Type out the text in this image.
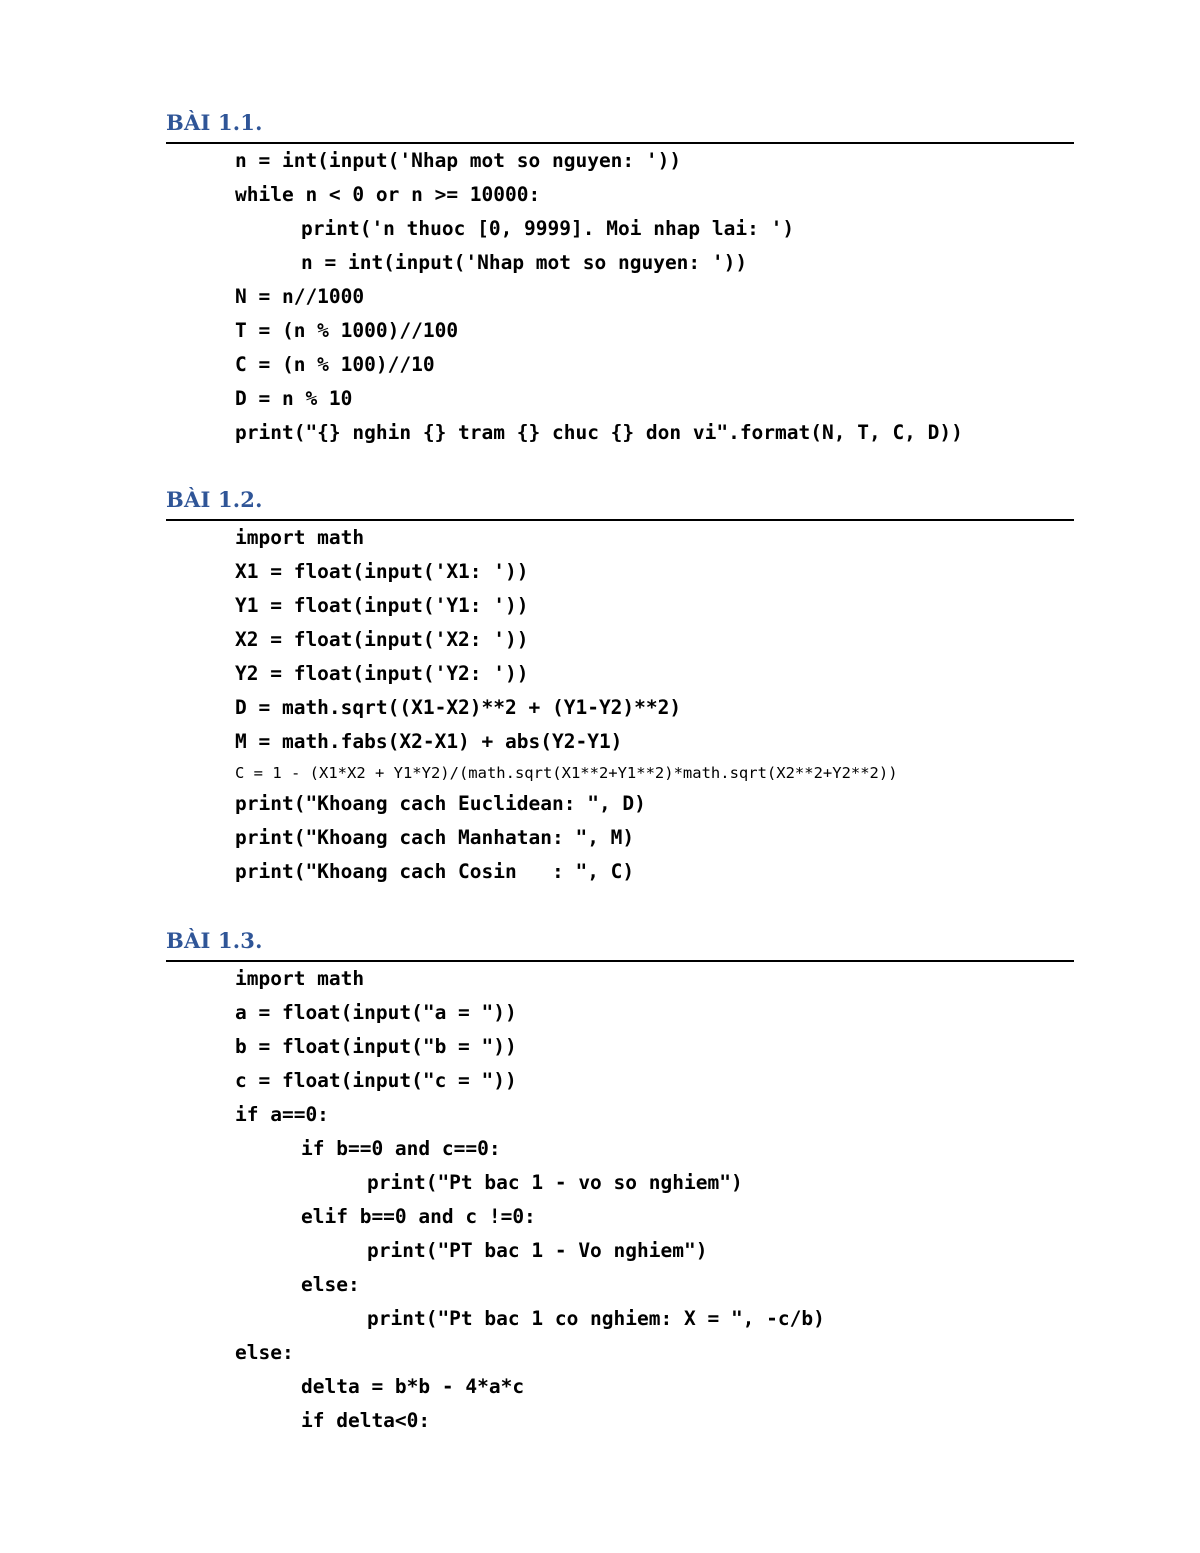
BÀI 1.1.
n = int(input('Nhap mot so nguyen: '))
while n < 0 or n >= 10000:
print('n thuoc [0, 9999]. Moi nhap lai: ')
n = int(input('Nhap mot so nguyen: '))
N = n//1000
T = (n % 1000)//100
C = (n % 100)//10
D = n % 10
print("{} nghin {} tram {} chuc {} don vi".format(N, T, C, D))
BÀI 1.2.
import math
X1 = float(input('X1: '))
Y1 = float(input('Y1: '))
X2 = float(input('X2: '))
Y2 = float(input('Y2: '))
D = math.sqrt((X1-X2)**2 + (Y1-Y2)**2)
M = math.fabs(X2-X1) + abs(Y2-Y1)
C = 1 - (X1*X2 + Y1*Y2)/(math.sqrt(X1**2+Y1**2)*math.sqrt(X2**2+Y2**2))
print("Khoang cach Euclidean: ", D)
print("Khoang cach Manhatan: ", M)
print("Khoang cach Cosin   : ", C)
BÀI 1.3.
import math
a = float(input("a = "))
b = float(input("b = "))
c = float(input("c = "))
if a==0:
if b==0 and c==0:
print("Pt bac 1 - vo so nghiem")
elif b==0 and c !=0:
print("PT bac 1 - Vo nghiem")
else:
print("Pt bac 1 co nghiem: X = ", -c/b)
else:
delta = b*b - 4*a*c
if delta<0:
